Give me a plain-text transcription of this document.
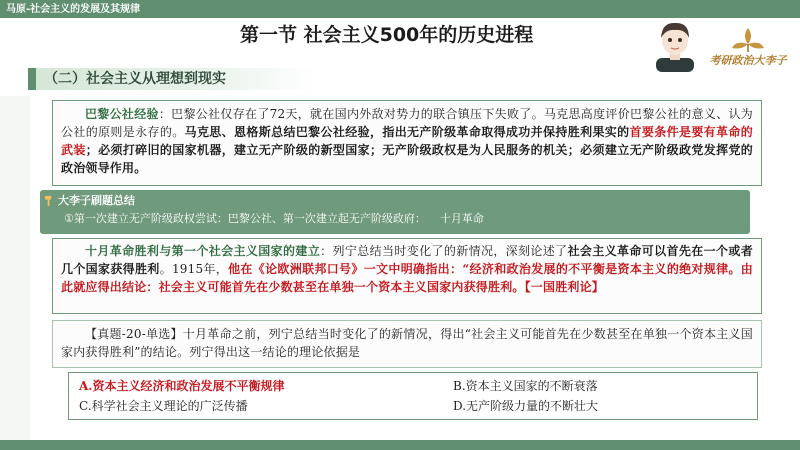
马原-社会主义的发展及其规律
第一节 社会主义500年的历史进程
考研政治大李子
（二）社会主义从理想到现实

巴黎公社经验：巴黎公社仅存在了72天，就在国内外敌对势力的联合镇压下失败了。马克思高度评价巴黎公社的意义、认为公社的原则是永存的。马克思、恩格斯总结巴黎公社经验，指出无产阶级革命取得成功并保持胜利果实的首要条件是要有革命的武装；必须打碎旧的国家机器，建立无产阶级的新型国家；无产阶级政权是为人民服务的机关；必须建立无产阶级政党发挥党的政治领导作用。

大李子刷题总结
①第一次建立无产阶级政权尝试：巴黎公社、第一次建立起无产阶级政府：    十月革命

十月革命胜利与第一个社会主义国家的建立：列宁总结当时变化了的新情况，深刻论述了社会主义革命可以首先在一个或者几个国家获得胜利。1915年，他在《论欧洲联邦口号》一文中明确指出：“经济和政治发展的不平衡是资本主义的绝对规律。由此就应得出结论：社会主义可能首先在少数甚至在单独一个资本主义国家内获得胜利。【一国胜利论】

【真题-20-单选】十月革命之前，列宁总结当时变化了的新情况，得出“社会主义可能首先在少数甚至在单独一个资本主义国家内获得胜利”的结论。列宁得出这一结论的理论依据是

A.资本主义经济和政治发展不平衡规律	B.资本主义国家的不断衰落
C.科学社会主义理论的广泛传播	D.无产阶级力量的不断壮大
